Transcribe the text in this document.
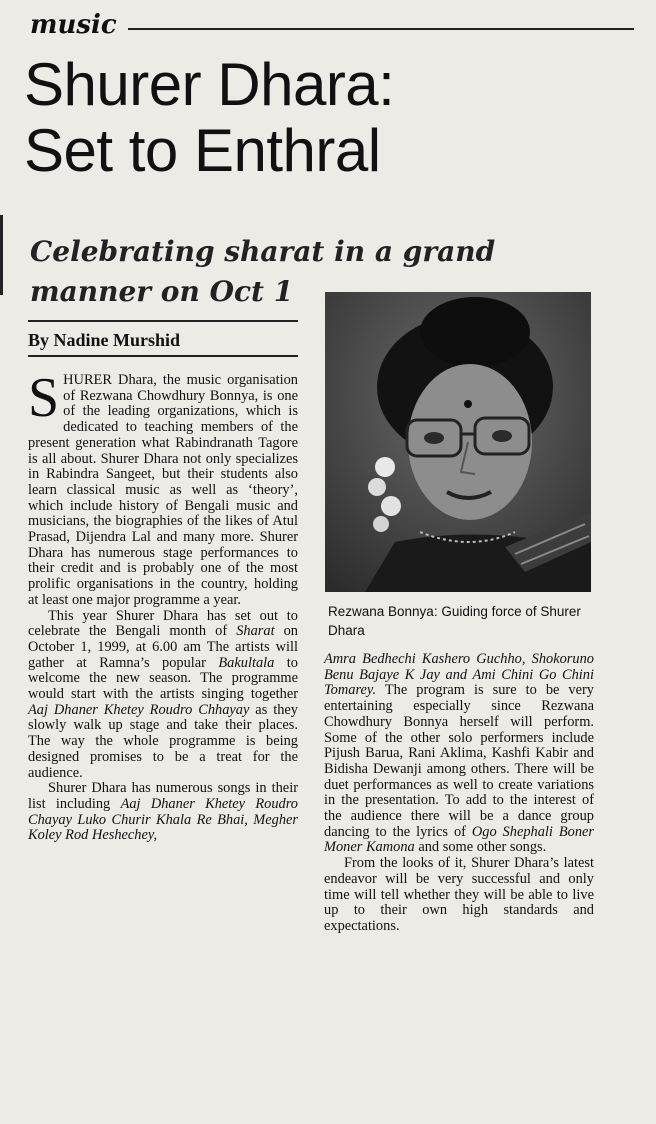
music
Shurer Dhara:
Set to Enthral
Celebrating sharat in a grand manner on Oct 1
By Nadine Murshid
SHURER Dhara, the music organisation of Rezwana Chowdhury Bonnya, is one of the leading organizations, which is dedicated to teaching members of the present generation what Rabindranath Tagore is all about. Shurer Dhara not only specializes in Rabindra Sangeet, but their students also learn classical music as well as ‘theory’, which include history of Bengali music and musicians, the biographies of the likes of Atul Prasad, Dijendra Lal and many more. Shurer Dhara has numerous stage performances to their credit and is probably one of the most prolific organisations in the country, holding at least one major programme a year.

This year Shurer Dhara has set out to celebrate the Bengali month of Sharat on October 1, 1999, at 6.00 am The artists will gather at Ramna’s popular Bakultala to welcome the new season. The programme would start with the artists singing together Aaj Dhaner Khetey Roudro Chhayay as they slowly walk up stage and take their places. The way the whole programme is being designed promises to be a treat for the audience.

Shurer Dhara has numerous songs in their list including Aaj Dhaner Khetey Roudro Chayay Luko Churir Khala Re Bhai, Megher Koley Rod Heshechey,

Rezwana Bonnya: Guiding force of Shurer Dhara

Amra Bedhechi Kashero Guchho, Shokoruno Benu Bajaye K Jay and Ami Chini Go Chini Tomarey. The program is sure to be very entertaining especially since Rezwana Chowdhury Bonnya herself will perform. Some of the other solo performers include Pijush Barua, Rani Aklima, Kashfi Kabir and Bidisha Dewanji among others. There will be duet performances as well to create variations in the presentation. To add to the interest of the audience there will be a dance group dancing to the lyrics of Ogo Shephali Boner Moner Kamona and some other songs.

From the looks of it, Shurer Dhara’s latest endeavor will be very successful and only time will tell whether they will be able to live up to their own high standards and expectations.
